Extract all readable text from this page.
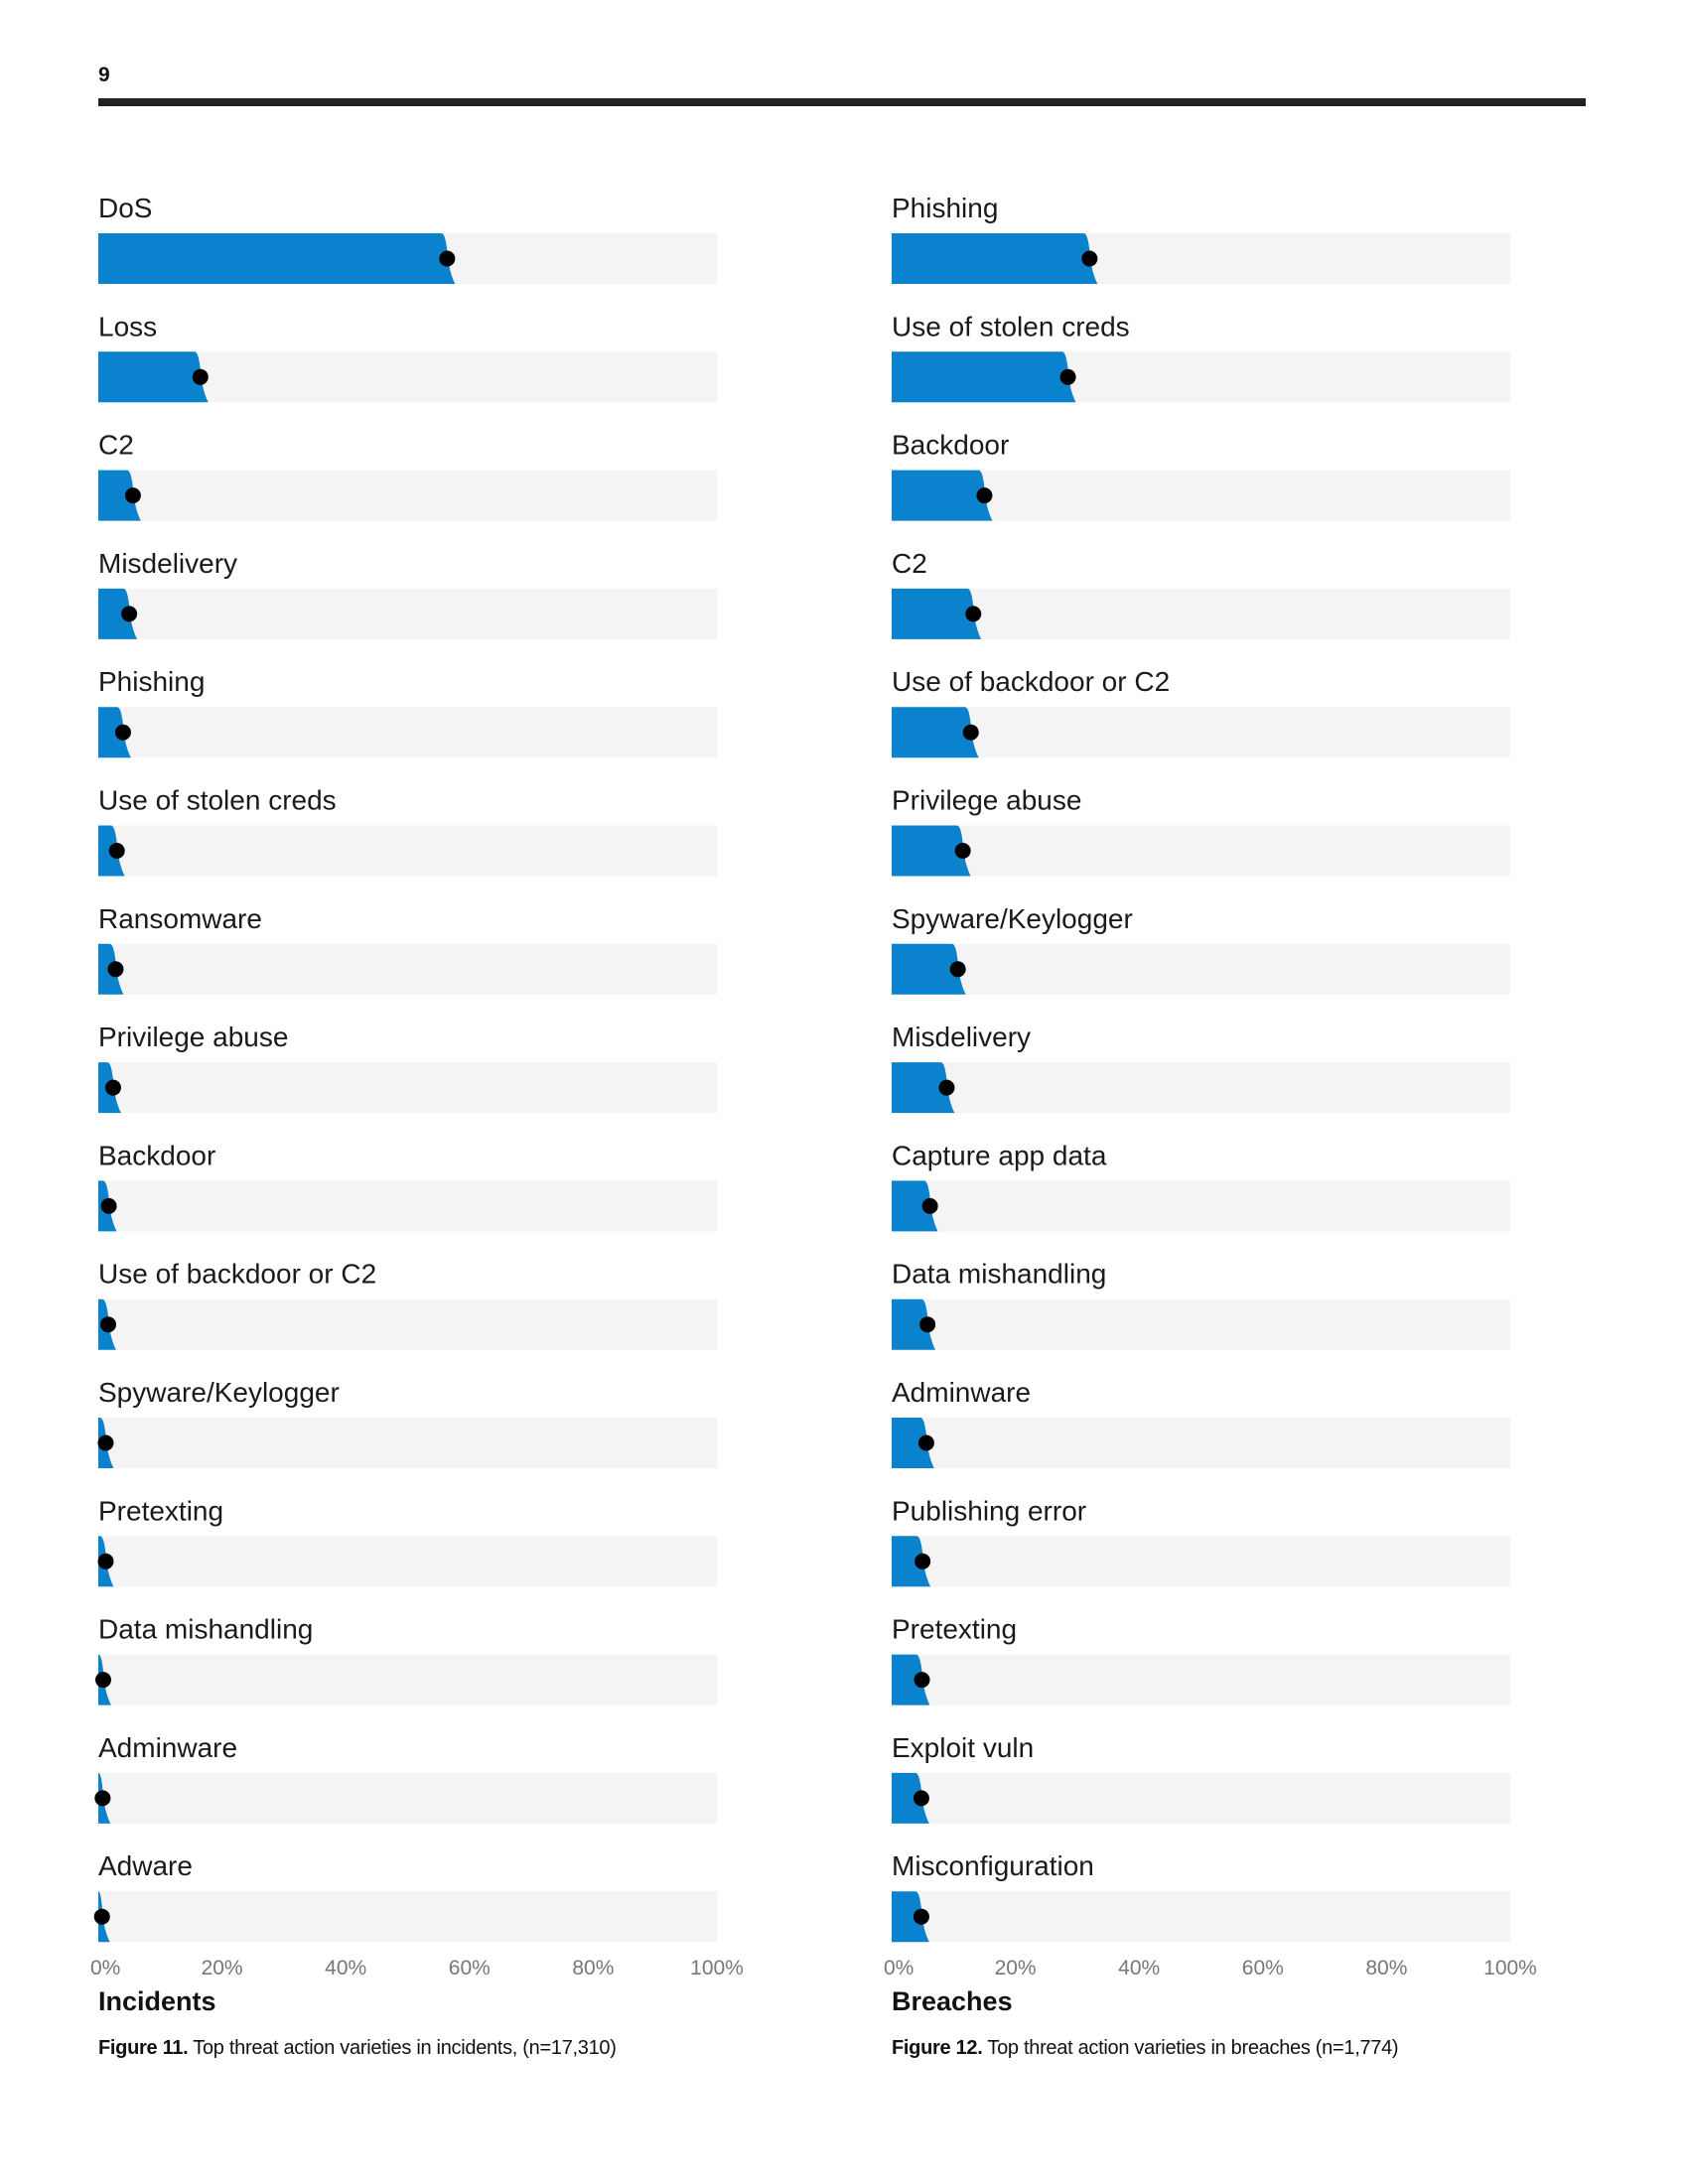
9
DoS
Loss
C2
Misdelivery
Phishing
Use of stolen creds
Ransomware
Privilege abuse
Backdoor
Use of backdoor or C2
Spyware/Keylogger
Pretexting
Data mishandling
Adminware
Adware
0%	20%	40%	60%	80%	100%
Incidents
Figure 11. Top threat action varieties in incidents, (n=17,310)
Phishing
Use of stolen creds
Backdoor
C2
Use of backdoor or C2
Privilege abuse
Spyware/Keylogger
Misdelivery
Capture app data
Data mishandling
Adminware
Publishing error
Pretexting
Exploit vuln
Misconfiguration
0%	20%	40%	60%	80%	100%
Breaches
Figure 12. Top threat action varieties in breaches (n=1,774)
